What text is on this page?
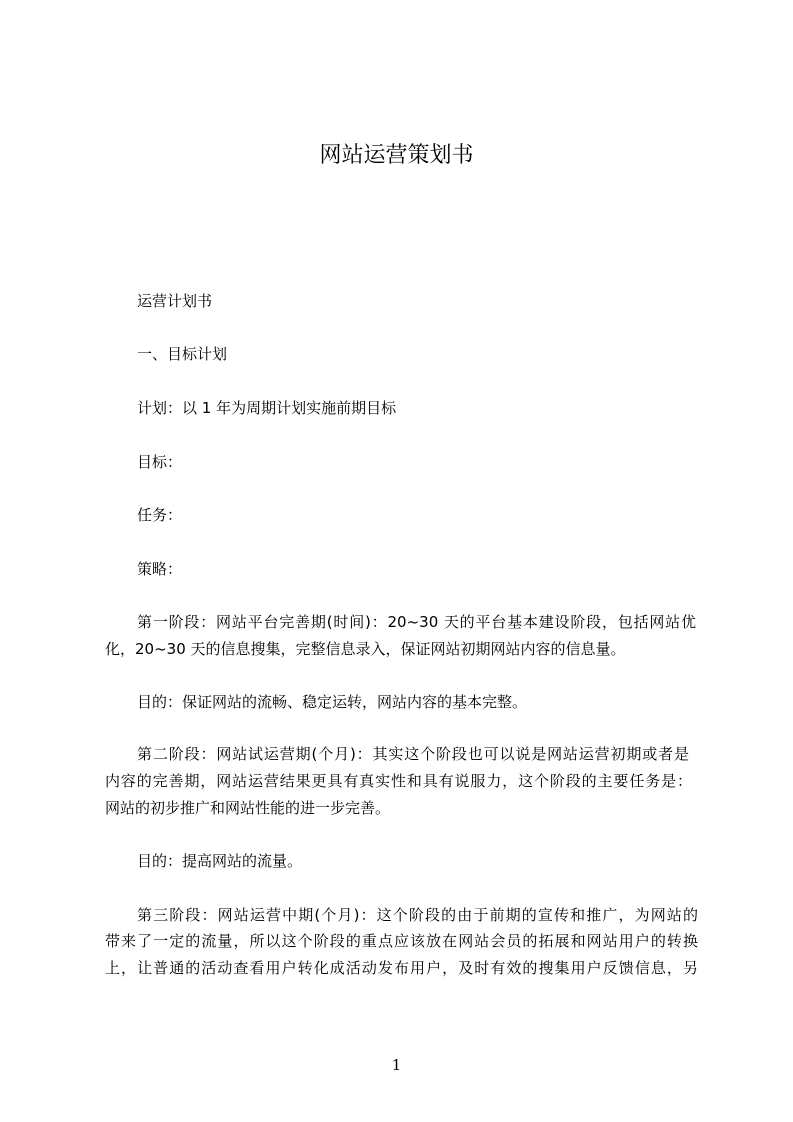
网站运营策划书

运营计划书

一、目标计划

计划：以 1 年为周期计划实施前期目标

目标：

任务：

策略：

第一阶段：网站平台完善期(时间)：20~30 天的平台基本建设阶段，包括网站优

化，20~30 天的信息搜集，完整信息录入，保证网站初期网站内容的信息量。

目的：保证网站的流畅、稳定运转，网站内容的基本完整。

第二阶段：网站试运营期(个月)：其实这个阶段也可以说是网站运营初期或者是

内容的完善期，网站运营结果更具有真实性和具有说服力，这个阶段的主要任务是：

网站的初步推广和网站性能的进一步完善。

目的：提高网站的流量。

第三阶段：网站运营中期(个月)：这个阶段的由于前期的宣传和推广，为网站的

带来了一定的流量，所以这个阶段的重点应该放在网站会员的拓展和网站用户的转换

上，让普通的活动查看用户转化成活动发布用户，及时有效的搜集用户反馈信息，另

1
